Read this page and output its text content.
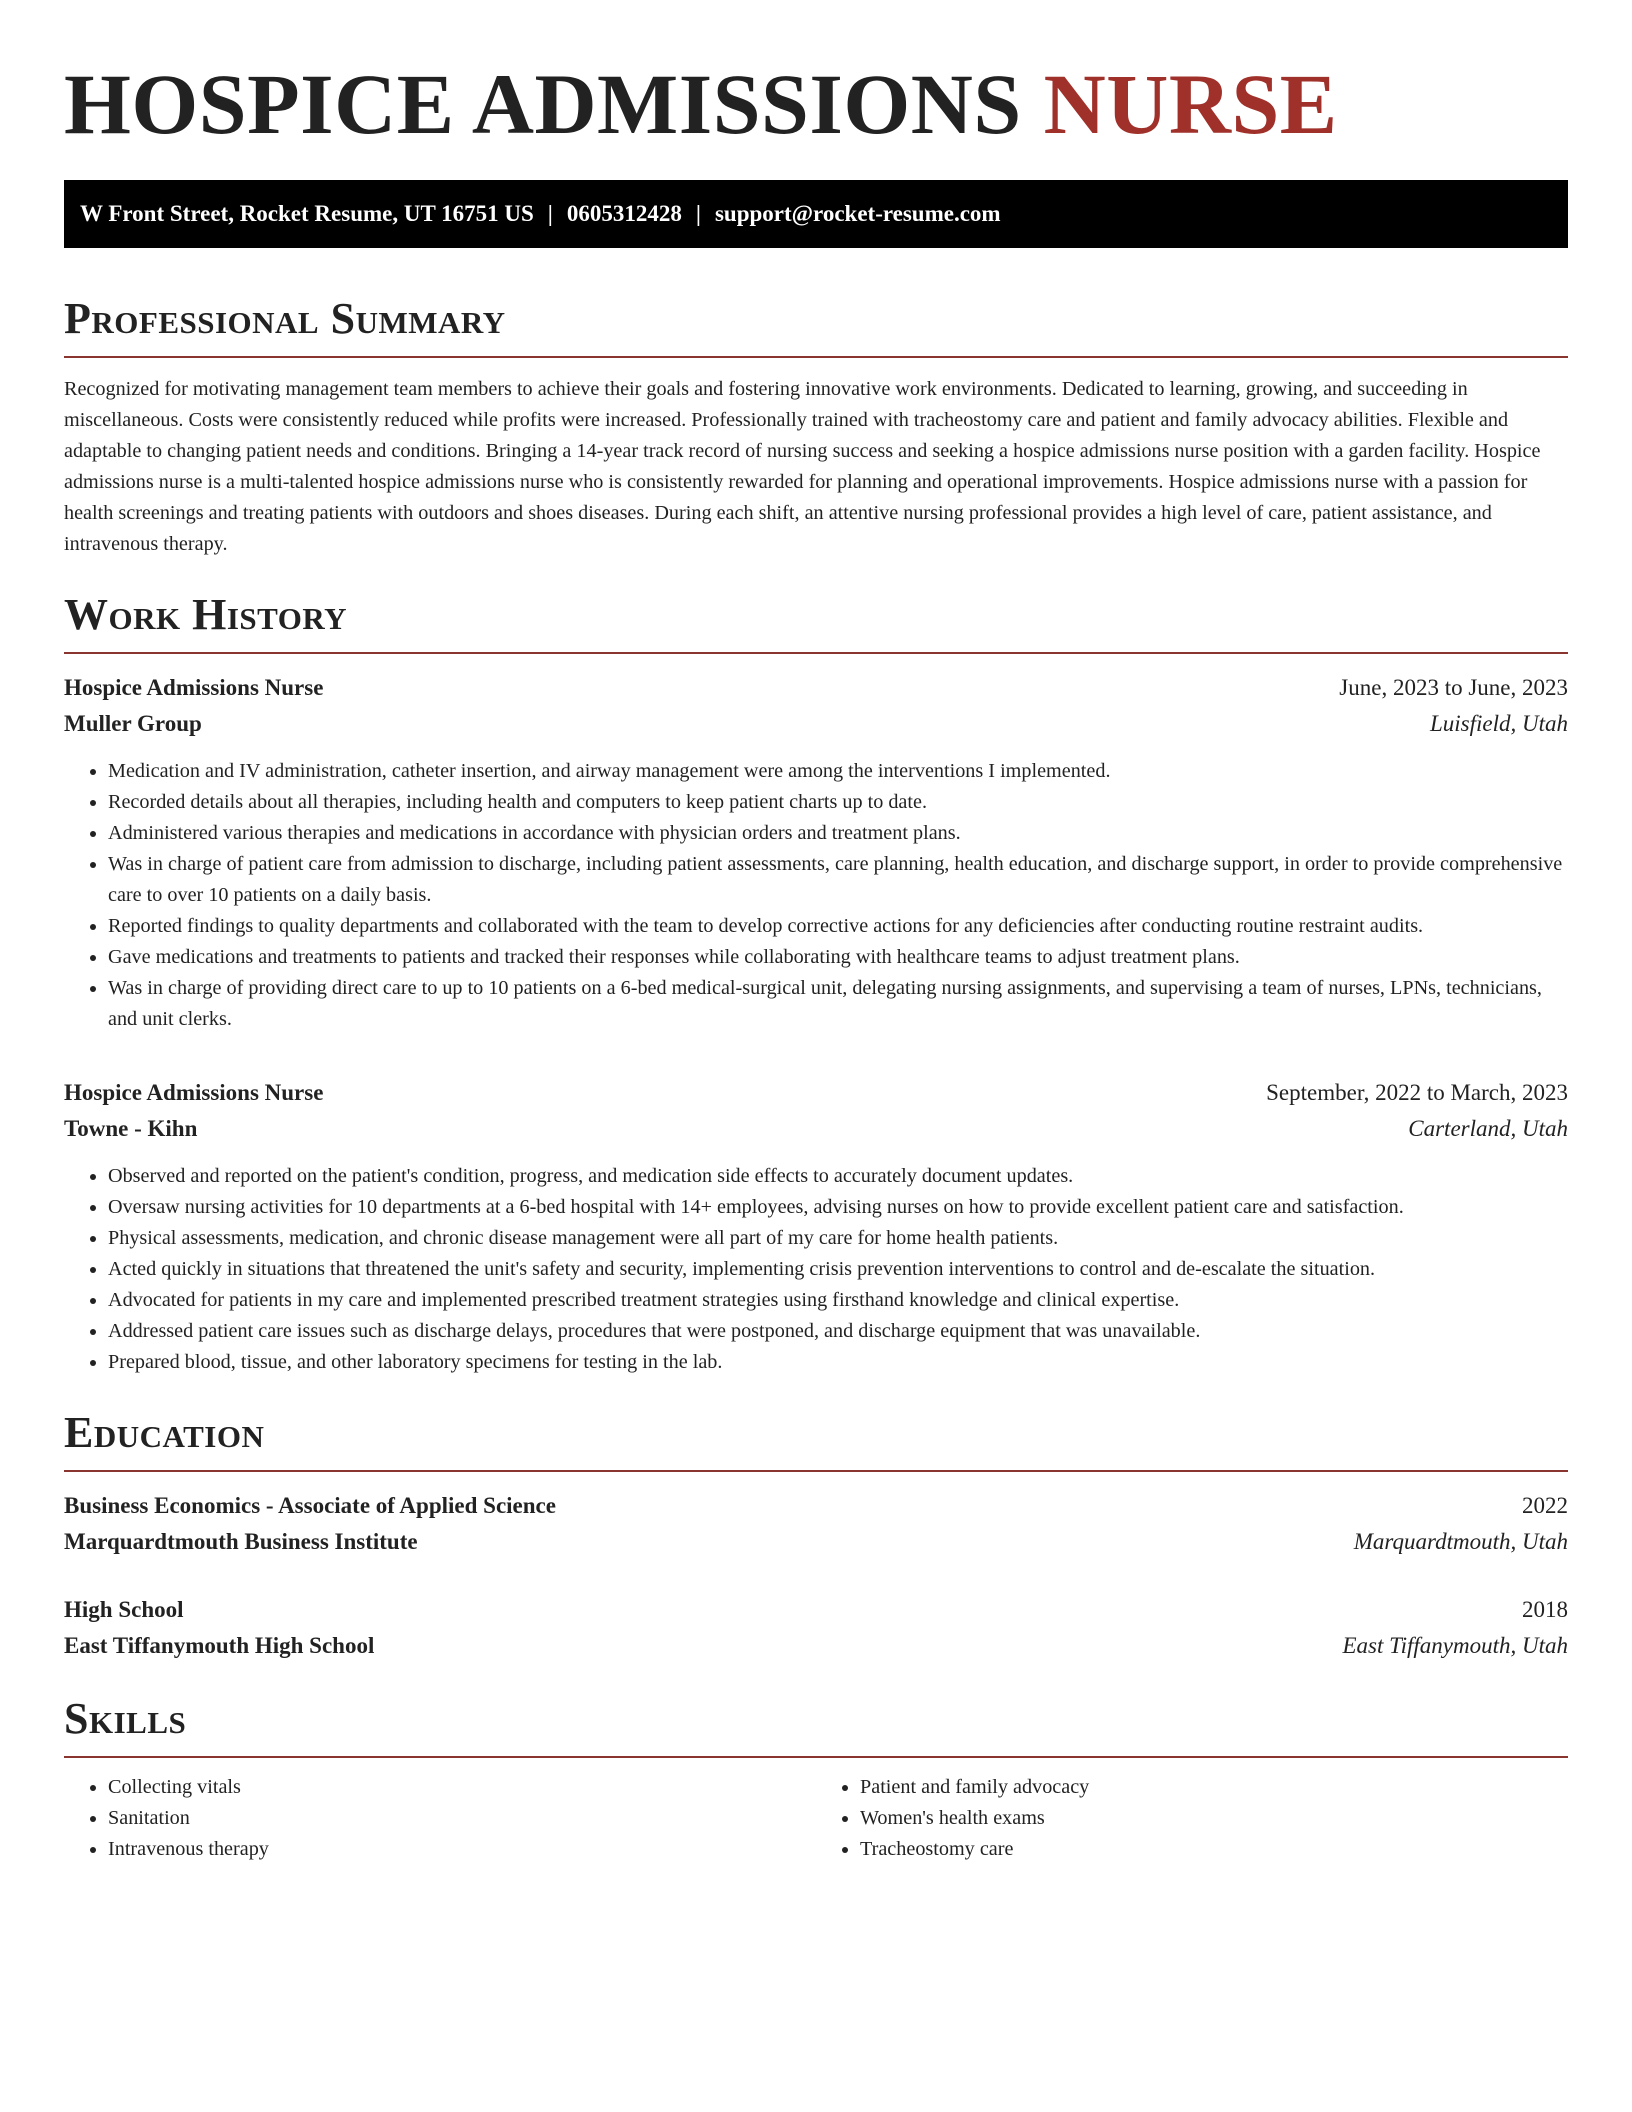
HOSPICE ADMISSIONS NURSE
W Front Street, Rocket Resume, UT 16751 US | 0605312428 | support@rocket-resume.com
Professional Summary

Recognized for motivating management team members to achieve their goals and fostering innovative work environments. Dedicated to learning, growing, and succeeding in miscellaneous. Costs were consistently reduced while profits were increased. Professionally trained with tracheostomy care and patient and family advocacy abilities. Flexible and adaptable to changing patient needs and conditions. Bringing a 14-year track record of nursing success and seeking a hospice admissions nurse position with a garden facility. Hospice admissions nurse is a multi-talented hospice admissions nurse who is consistently rewarded for planning and operational improvements. Hospice admissions nurse with a passion for health screenings and treating patients with outdoors and shoes diseases. During each shift, an attentive nursing professional provides a high level of care, patient assistance, and intravenous therapy.

Work History
Hospice Admissions Nurse	June, 2023 to June, 2023
Muller Group	Luisfield, Utah
• Medication and IV administration, catheter insertion, and airway management were among the interventions I implemented.
• Recorded details about all therapies, including health and computers to keep patient charts up to date.
• Administered various therapies and medications in accordance with physician orders and treatment plans.
• Was in charge of patient care from admission to discharge, including patient assessments, care planning, health education, and discharge support, in order to provide comprehensive care to over 10 patients on a daily basis.
• Reported findings to quality departments and collaborated with the team to develop corrective actions for any deficiencies after conducting routine restraint audits.
• Gave medications and treatments to patients and tracked their responses while collaborating with healthcare teams to adjust treatment plans.
• Was in charge of providing direct care to up to 10 patients on a 6-bed medical-surgical unit, delegating nursing assignments, and supervising a team of nurses, LPNs, technicians, and unit clerks.
Hospice Admissions Nurse	September, 2022 to March, 2023
Towne - Kihn	Carterland, Utah
• Observed and reported on the patient's condition, progress, and medication side effects to accurately document updates.
• Oversaw nursing activities for 10 departments at a 6-bed hospital with 14+ employees, advising nurses on how to provide excellent patient care and satisfaction.
• Physical assessments, medication, and chronic disease management were all part of my care for home health patients.
• Acted quickly in situations that threatened the unit's safety and security, implementing crisis prevention interventions to control and de-escalate the situation.
• Advocated for patients in my care and implemented prescribed treatment strategies using firsthand knowledge and clinical expertise.
• Addressed patient care issues such as discharge delays, procedures that were postponed, and discharge equipment that was unavailable.
• Prepared blood, tissue, and other laboratory specimens for testing in the lab.
Education
Business Economics - Associate of Applied Science	2022
Marquardtmouth Business Institute	Marquardtmouth, Utah
High School	2018
East Tiffanymouth High School	East Tiffanymouth, Utah
Skills
• Collecting vitals
• Sanitation
• Intravenous therapy
• Patient and family advocacy
• Women's health exams
• Tracheostomy care
